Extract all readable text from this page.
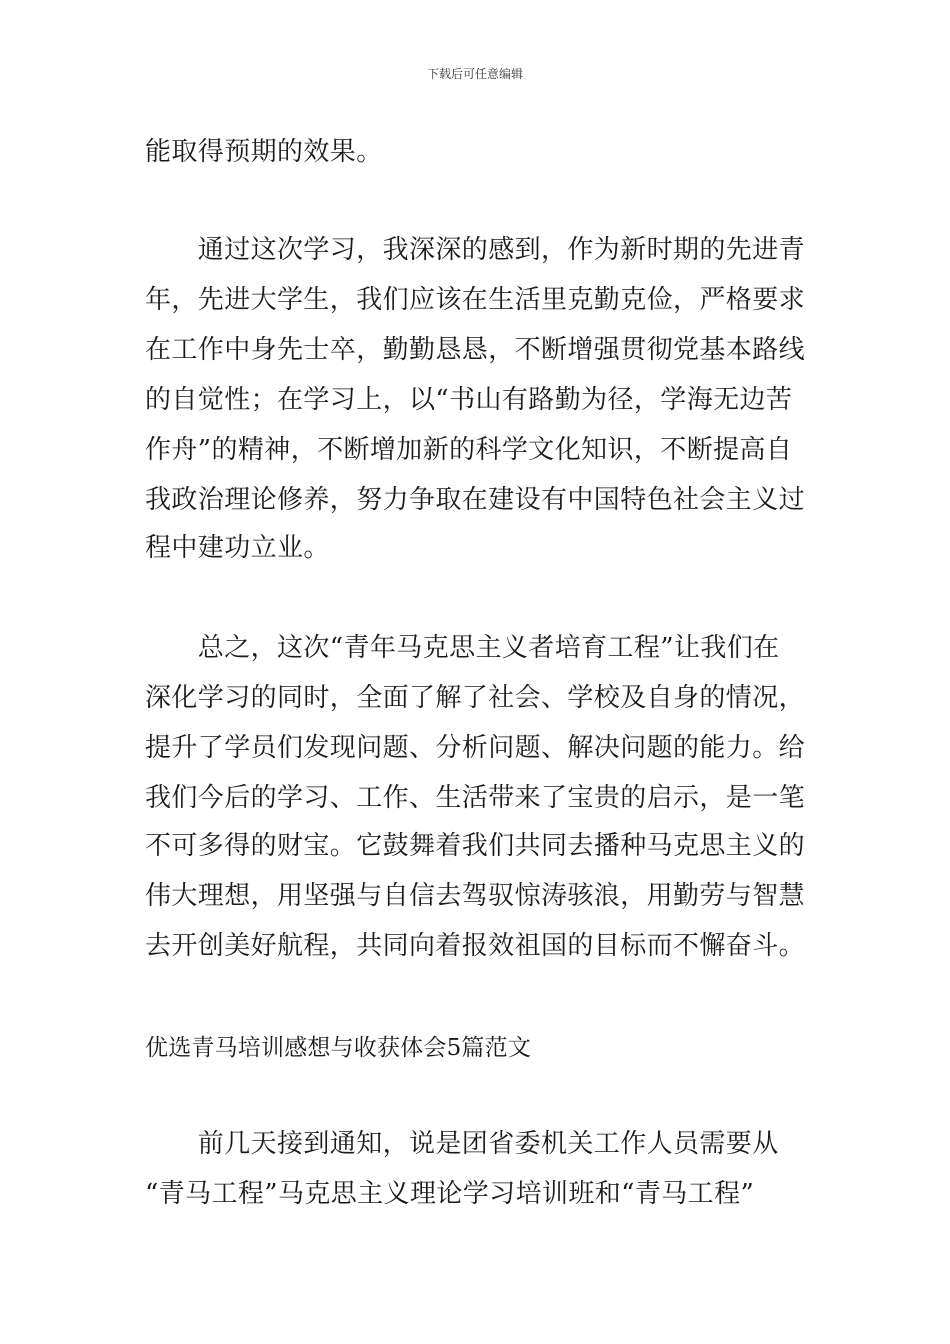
下载后可任意编辑
能取得预期的效果。
　　通过这次学习，我深深的感到，作为新时期的先进青
年，先进大学生，我们应该在生活里克勤克俭，严格要求
在工作中身先士卒，勤勤恳恳，不断增强贯彻党基本路线
的自觉性；在学习上，以“书山有路勤为径，学海无边苦
作舟”的精神，不断增加新的科学文化知识，不断提高自
我政治理论修养，努力争取在建设有中国特色社会主义过
程中建功立业。
　　总之，这次“青年马克思主义者培育工程”让我们在
深化学习的同时，全面了解了社会、学校及自身的情况，
提升了学员们发现问题、分析问题、解决问题的能力。给
我们今后的学习、工作、生活带来了宝贵的启示，是一笔
不可多得的财宝。它鼓舞着我们共同去播种马克思主义的
伟大理想，用坚强与自信去驾驭惊涛骇浪，用勤劳与智慧
去开创美好航程，共同向着报效祖国的目标而不懈奋斗。
优选青马培训感想与收获体会5篇范文
　　前几天接到通知，说是团省委机关工作人员需要从
“青马工程”马克思主义理论学习培训班和“青马工程”
